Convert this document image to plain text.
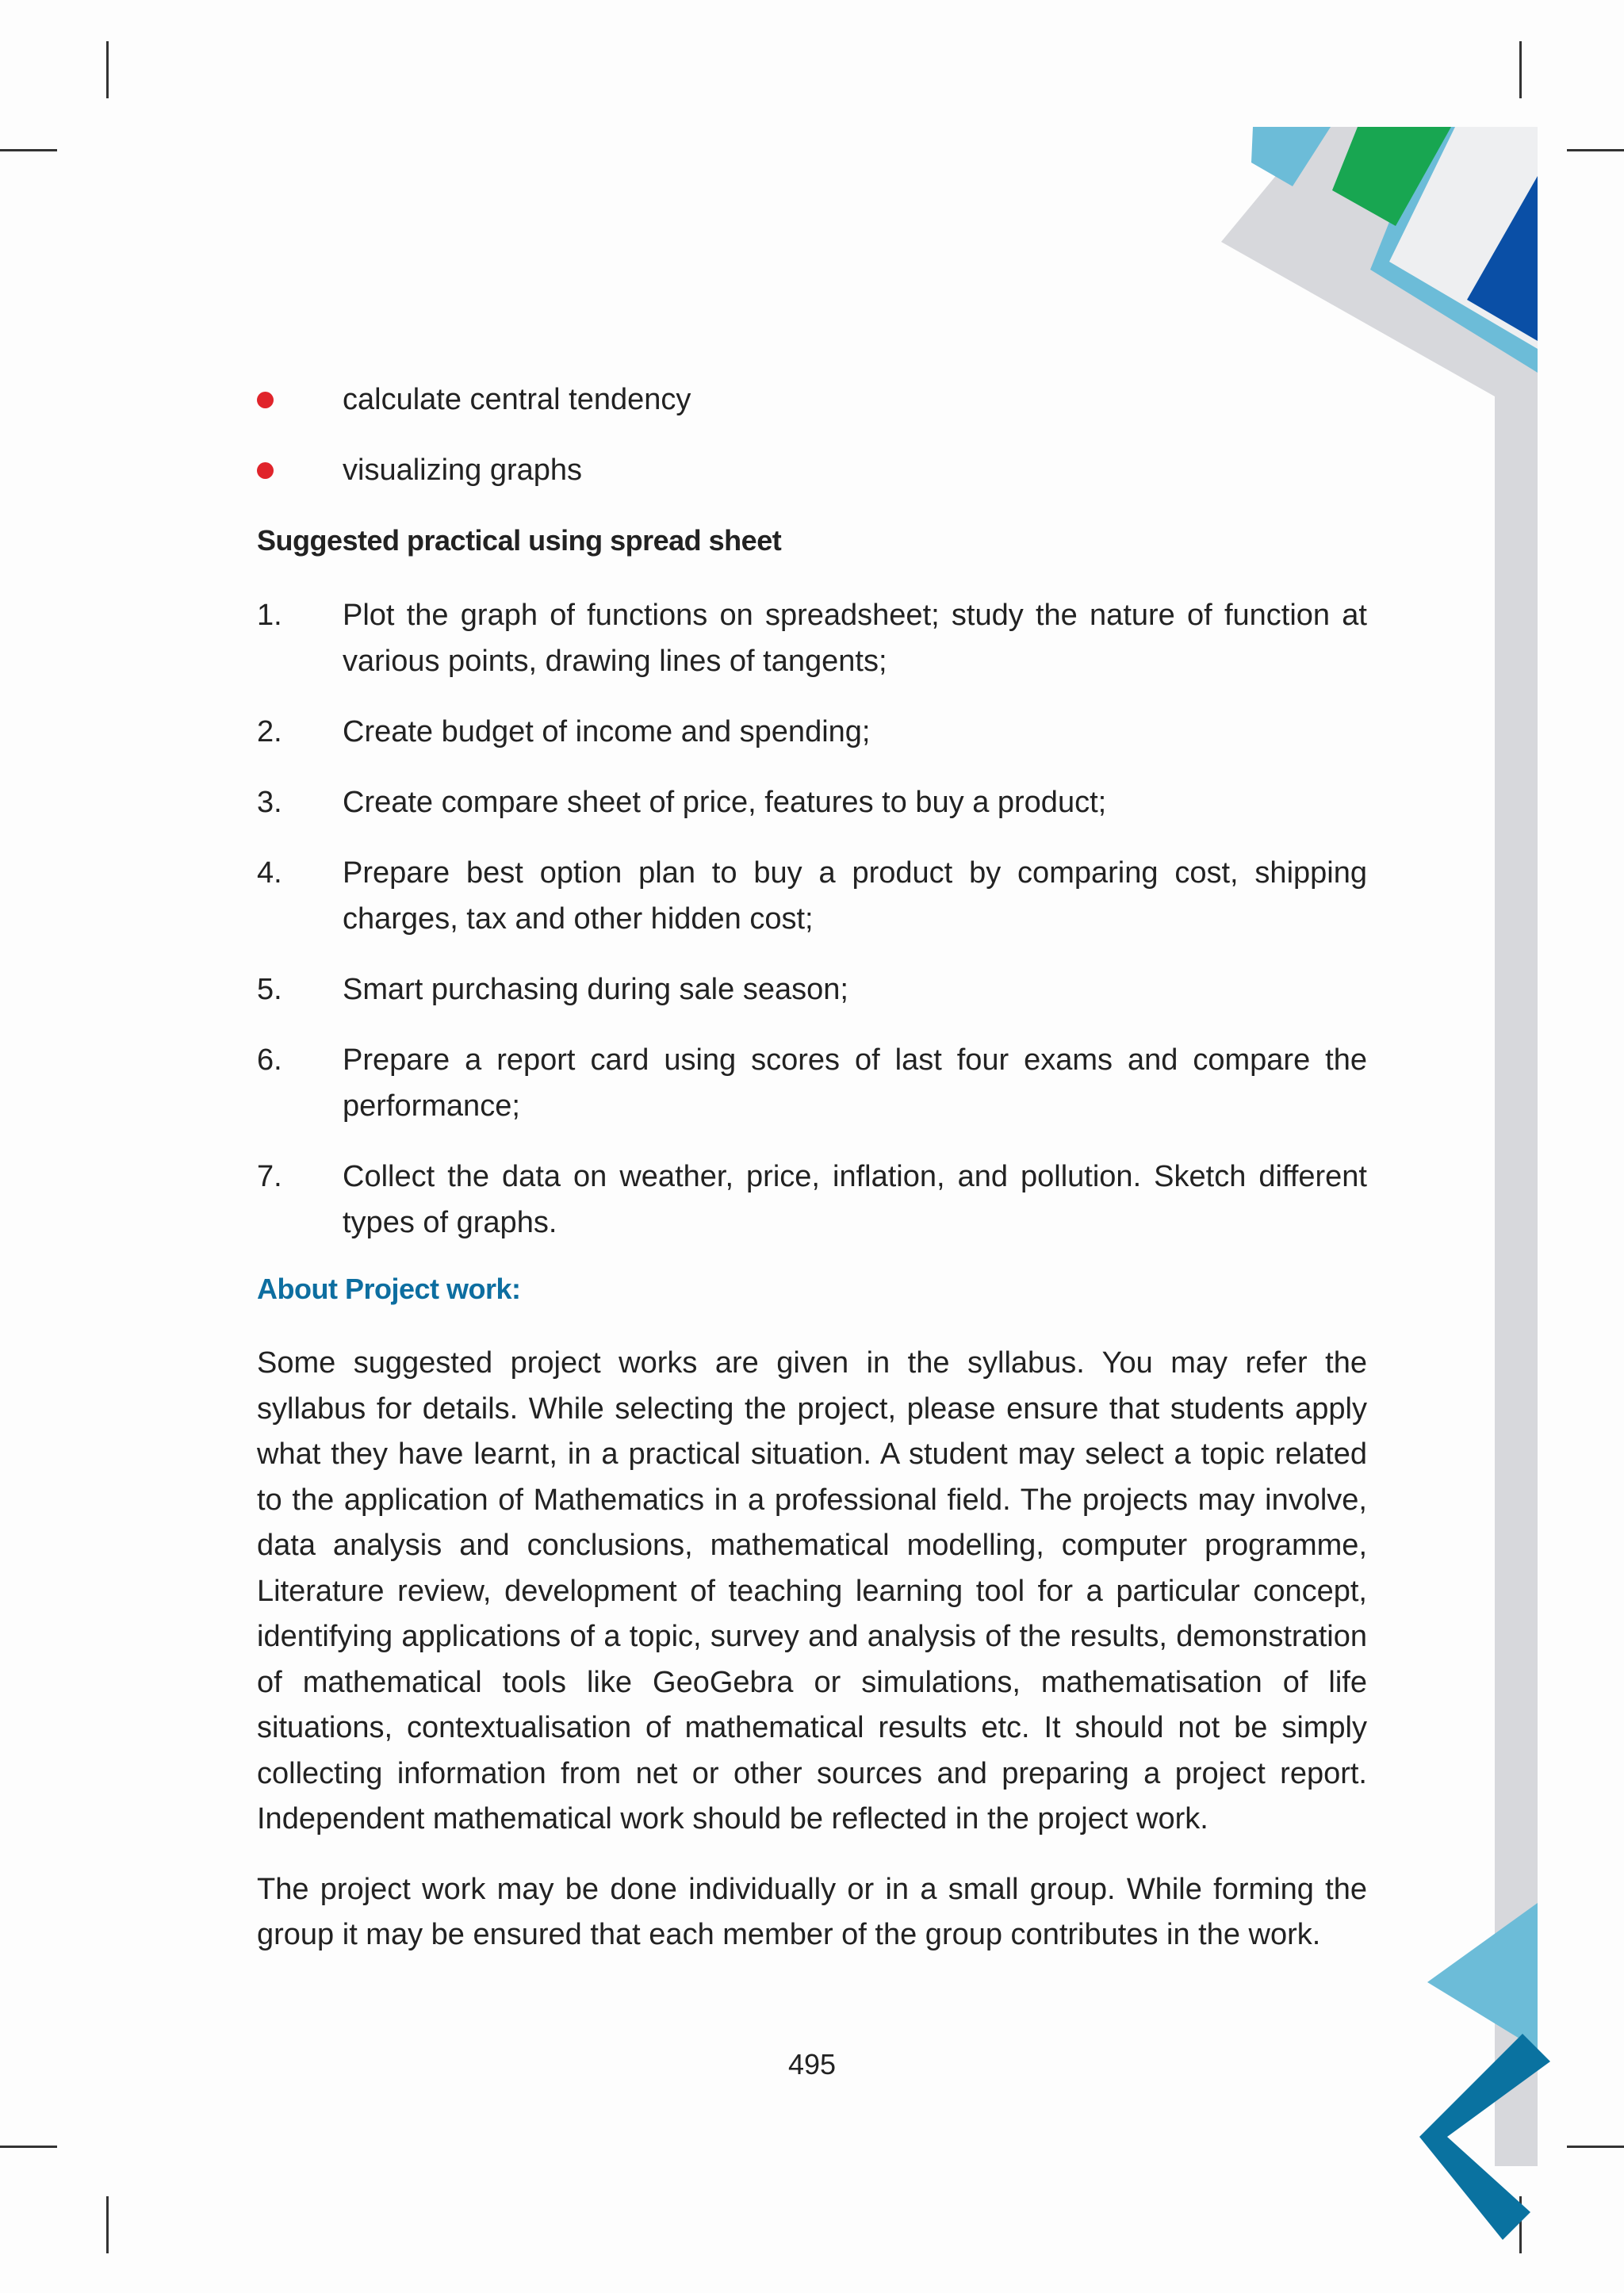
calculate central tendency
visualizing graphs
Suggested practical using spread sheet
1. Plot the graph of functions on spreadsheet; study the nature of function at various points, drawing lines of tangents;
2. Create budget of income and spending;
3. Create compare sheet of price, features to buy a product;
4. Prepare best option plan to buy a product by comparing cost, shipping charges, tax and other hidden cost;
5. Smart purchasing during sale season;
6. Prepare a report card using scores of last four exams and compare the performance;
7. Collect the data on weather, price, inflation, and pollution. Sketch different types of graphs.
About Project work:

Some suggested project works are given in the syllabus. You may refer the syllabus for details. While selecting the project, please ensure that students apply what they have learnt, in a practical situation. A student may select a topic related to the application of Mathematics in a professional field. The projects may involve, data analysis and conclusions, mathematical modelling, computer programme, Literature review, development of teaching learning tool for a particular concept, identifying applications of a topic, survey and analysis of the results, demonstration of mathematical tools like GeoGebra or simulations, mathematisation of life situations, contextualisation of mathematical results etc. It should not be simply collecting information from net or other sources and preparing a project report. Independent mathematical work should be reflected in the project work.

The project work may be done individually or in a small group. While forming the group it may be ensured that each member of the group contributes in the work.

495
